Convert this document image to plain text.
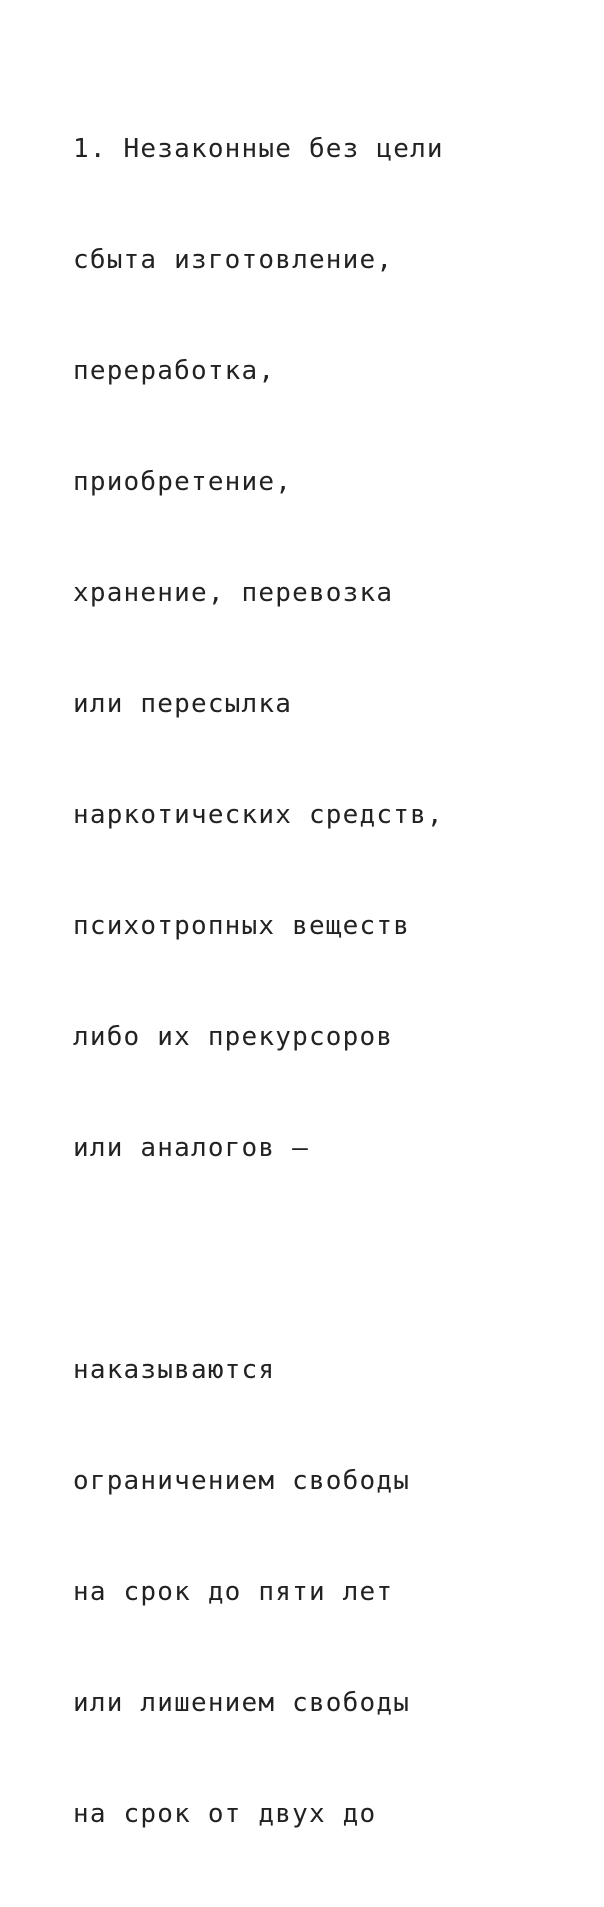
1. Незаконные без цели

сбыта изготовление,

переработка,

приобретение,

хранение, перевозка

или пересылка

наркотических средств,

психотропных веществ

либо их прекурсоров

или аналогов –

наказываются

ограничением свободы

на срок до пяти лет

или лишением свободы

на срок от двух до
